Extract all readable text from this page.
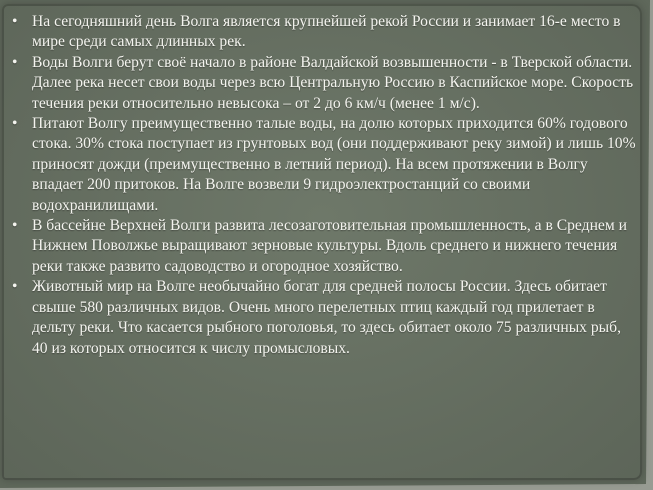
• На сегодняшний день Волга является крупнейшей рекой России и занимает 16-е место в мире среди самых длинных рек.
• Воды Волги берут своё начало в районе Валдайской возвышенности - в Тверской области. Далее река несет свои воды через всю Центральную Россию в Каспийское море. Скорость течения реки относительно невысока – от 2 до 6 км/ч (менее 1 м/с).
• Питают Волгу преимущественно талые воды, на долю которых приходится 60% годового стока. 30% стока поступает из грунтовых вод (они поддерживают реку зимой) и лишь 10% приносят дожди (преимущественно в летний период). На всем протяжении в Волгу впадает 200 притоков. На Волге возвели 9 гидроэлектростанций со своими водохранилищами.
• В бассейне Верхней Волги развита лесозаготовительная промышленность, а в Среднем и Нижнем Поволжье выращивают зерновые культуры. Вдоль среднего и нижнего течения реки также развито садоводство и огородное хозяйство.
• Животный мир на Волге необычайно богат для средней полосы России. Здесь обитает свыше 580 различных видов. Очень много перелетных птиц каждый год прилетает в дельту реки. Что касается рыбного поголовья, то здесь обитает около 75 различных рыб, 40 из которых относится к числу промысловых.
